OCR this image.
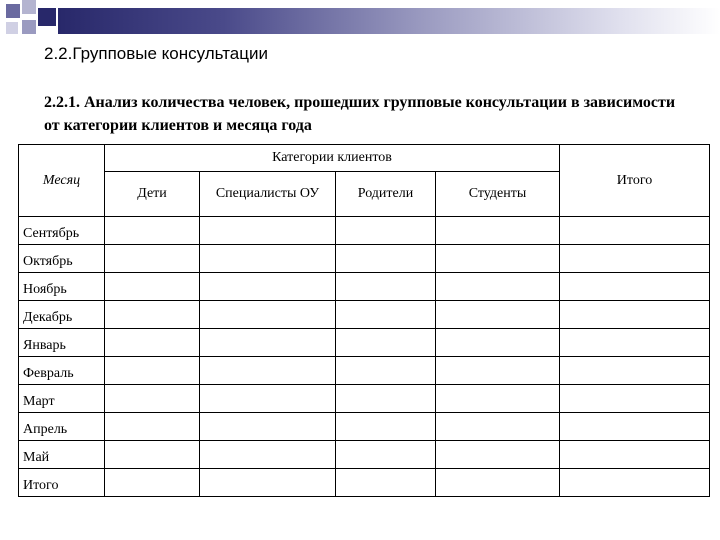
2.2.Групповые консультации
2.2.1. Анализ количества человек, прошедших групповые консультации в зависимости от категории клиентов и месяца года
Месяц	Категории клиентов				Итого
	Дети	Специалисты ОУ	Родители	Студенты	
Сентябрь					
Октябрь					
Ноябрь					
Декабрь					
Январь					
Февраль					
Март					
Апрель					
Май					
Итого					
